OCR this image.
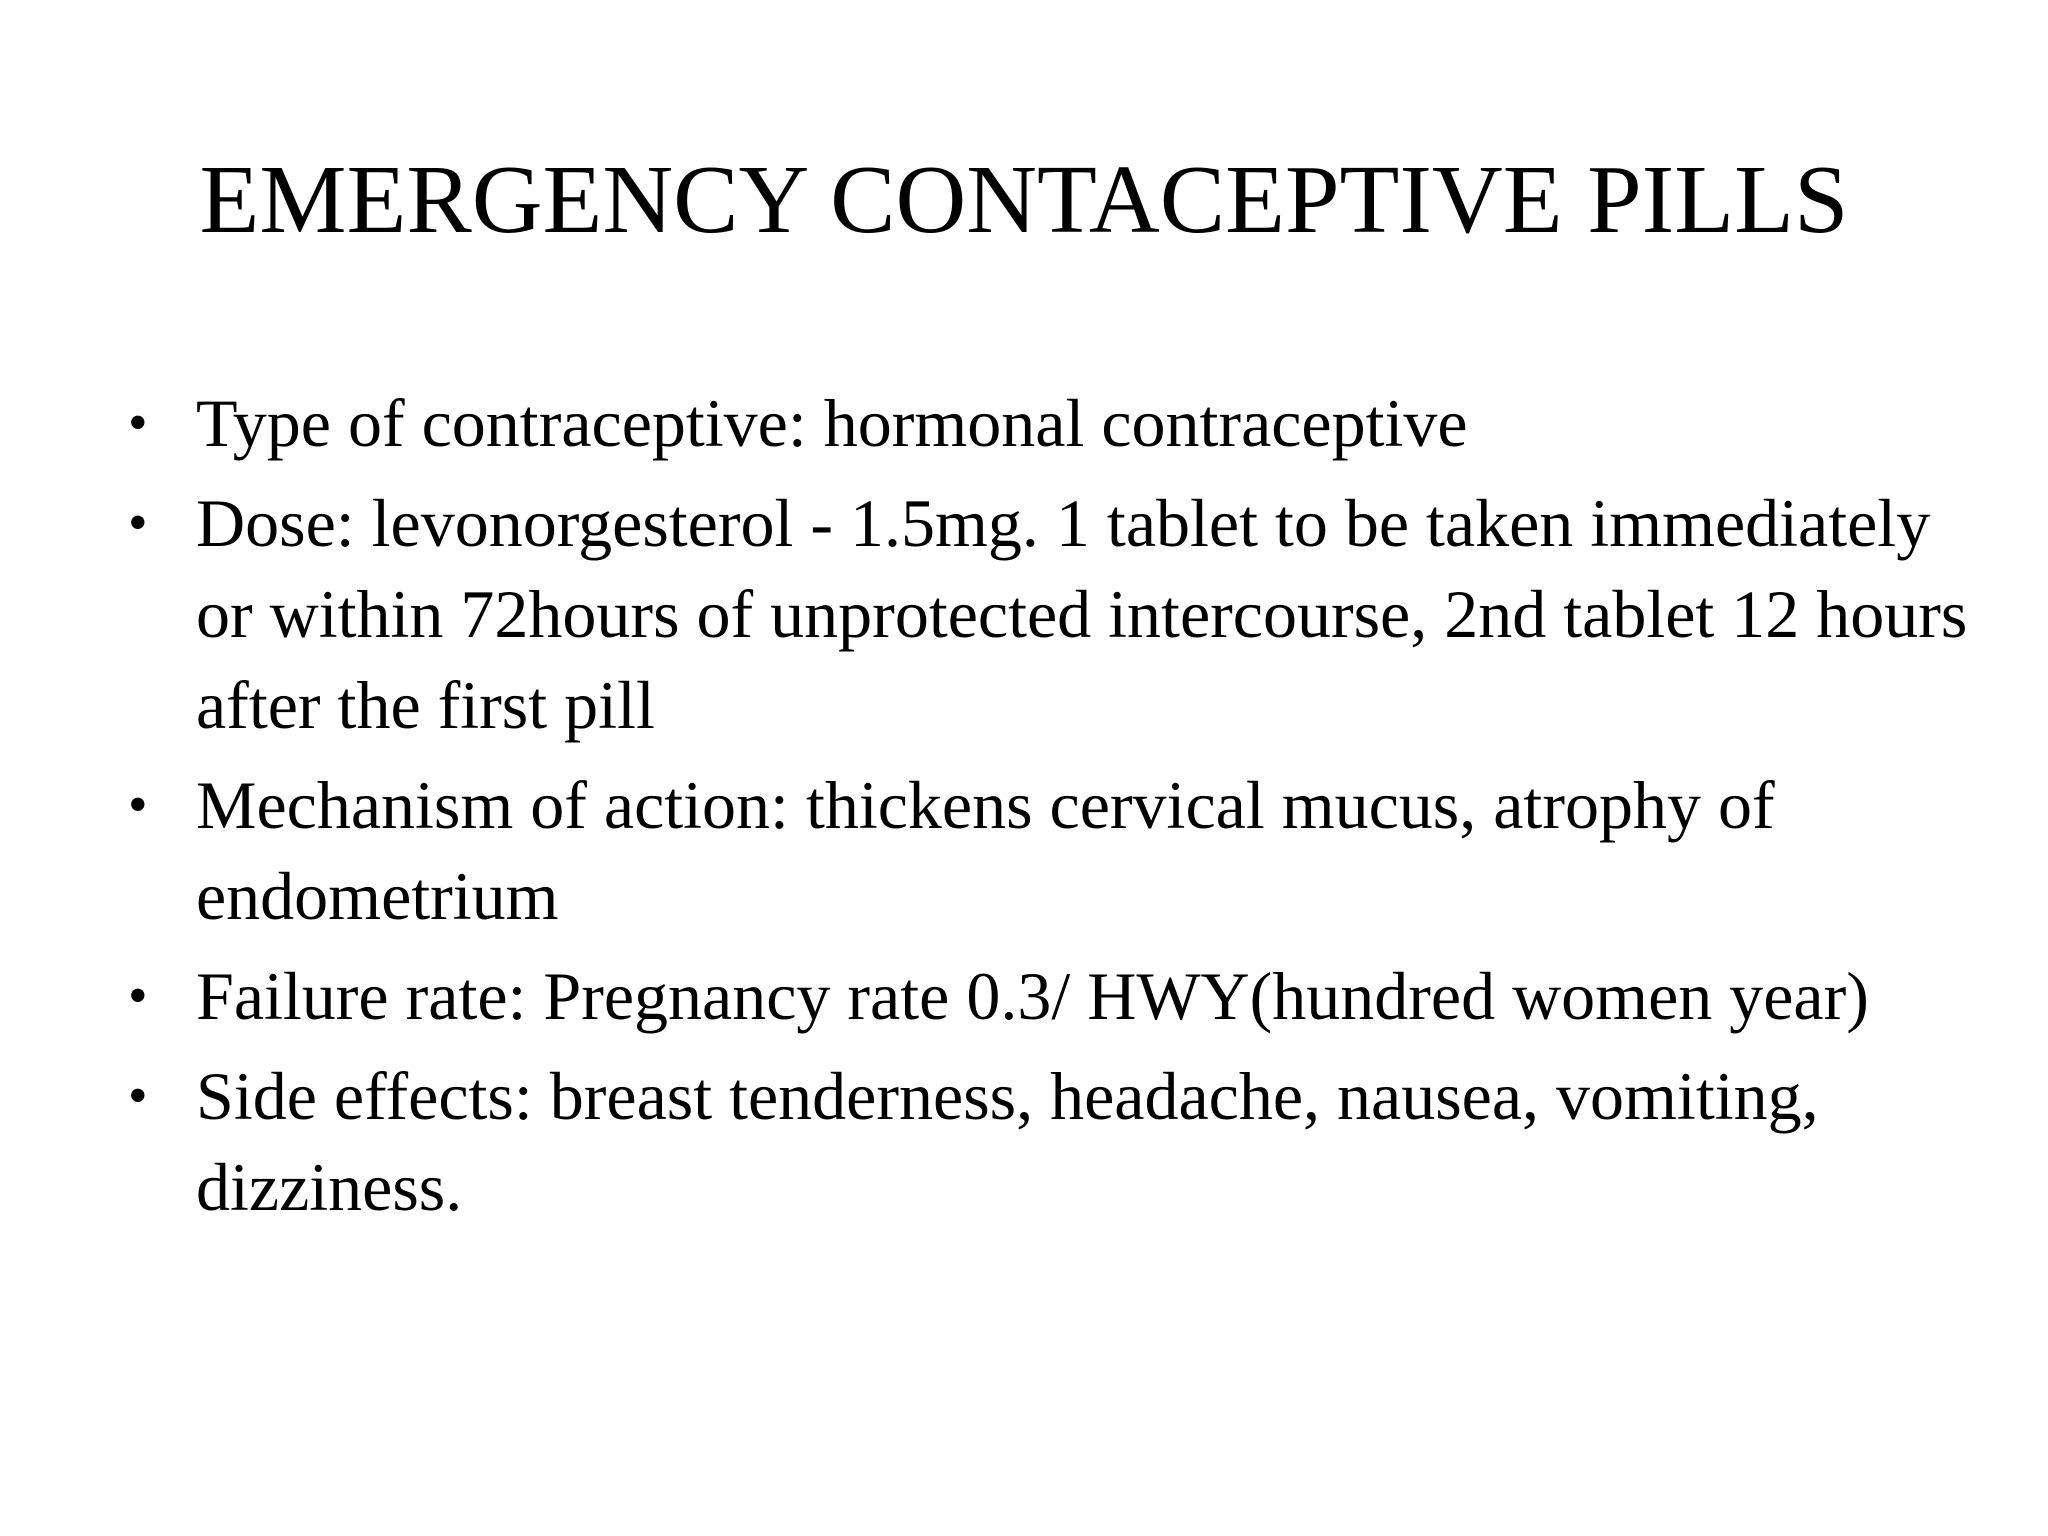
EMERGENCY CONTACEPTIVE PILLS
• Type of contraceptive: hormonal contraceptive
• Dose: levonorgesterol - 1.5mg. 1 tablet to be taken immediately or within 72hours of unprotected intercourse, 2nd tablet 12 hours after the first pill
• Mechanism of action: thickens cervical mucus, atrophy of endometrium
• Failure rate: Pregnancy rate 0.3/ HWY(hundred women year)
• Side effects: breast tenderness, headache, nausea, vomiting, dizziness.
